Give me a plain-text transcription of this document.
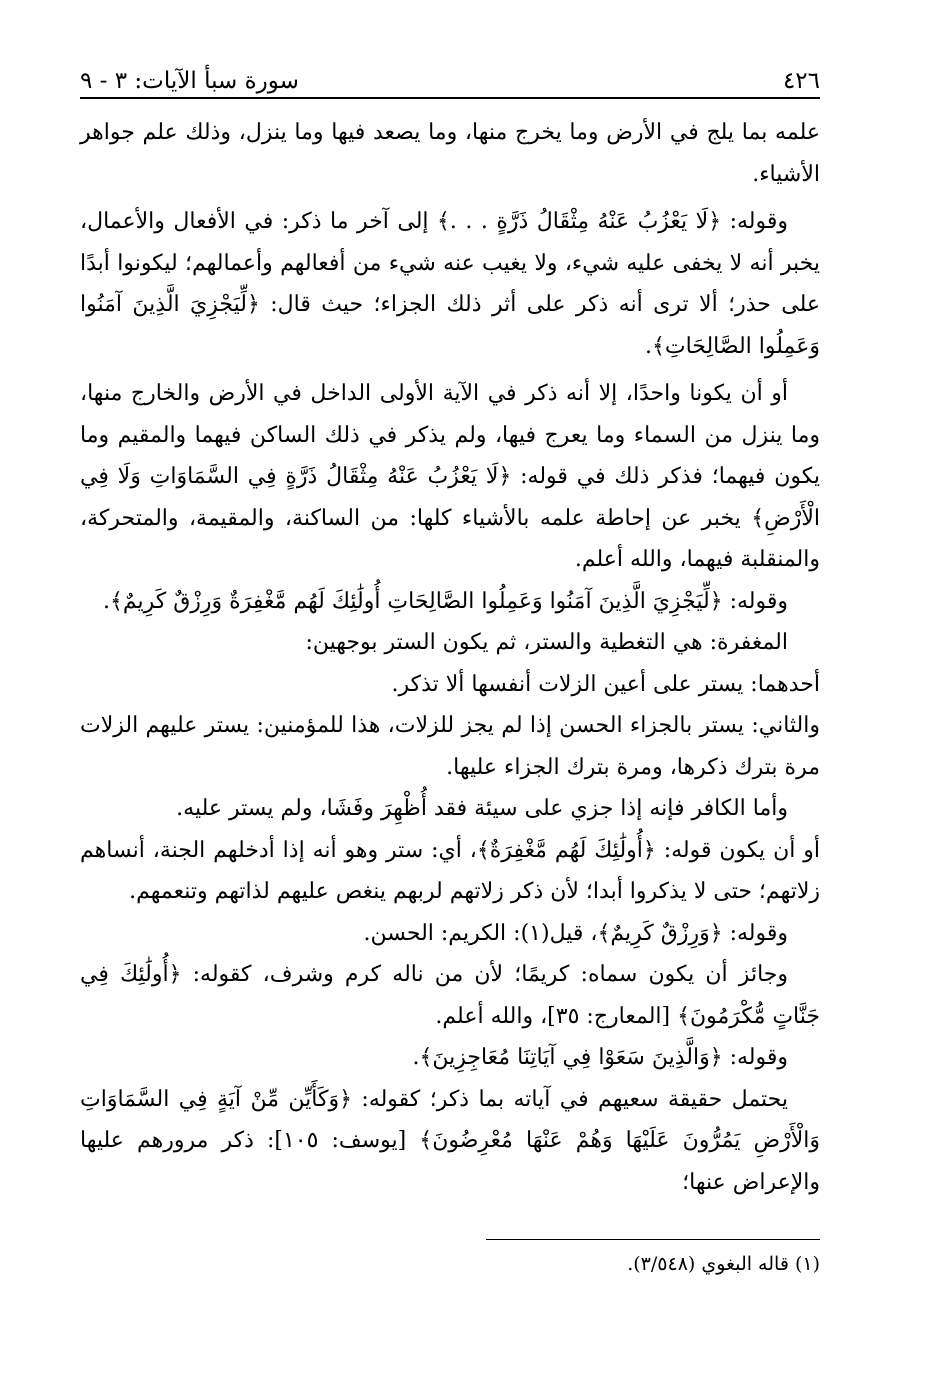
٤٢٦
سورة سبأ الآيات: ٣ - ٩

علمه بما يلج في الأرض وما يخرج منها، وما يصعد فيها وما ينزل، وذلك علم جواهر الأشياء.

وقوله: ﴿لَا يَعْزُبُ عَنْهُ مِثْقَالُ ذَرَّةٍ . . .﴾ إلى آخر ما ذكر: في الأفعال والأعمال، يخبر أنه لا يخفى عليه شيء، ولا يغيب عنه شيء من أفعالهم وأعمالهم؛ ليكونوا أبدًا على حذر؛ ألا ترى أنه ذكر على أثر ذلك الجزاء؛ حيث قال: ﴿لِّيَجْزِيَ الَّذِينَ آمَنُوا وَعَمِلُوا الصَّالِحَاتِ﴾.

أو أن يكونا واحدًا، إلا أنه ذكر في الآية الأولى الداخل في الأرض والخارج منها، وما ينزل من السماء وما يعرج فيها، ولم يذكر في ذلك الساكن فيهما والمقيم وما يكون فيهما؛ فذكر ذلك في قوله: ﴿لَا يَعْزُبُ عَنْهُ مِثْقَالُ ذَرَّةٍ فِي السَّمَاوَاتِ وَلَا فِي الْأَرْضِ﴾ يخبر عن إحاطة علمه بالأشياء كلها: من الساكنة، والمقيمة، والمتحركة، والمنقلبة فيهما، والله أعلم.

وقوله: ﴿لِّيَجْزِيَ الَّذِينَ آمَنُوا وَعَمِلُوا الصَّالِحَاتِ أُولَٰئِكَ لَهُم مَّغْفِرَةٌ وَرِزْقٌ كَرِيمٌ﴾.

المغفرة: هي التغطية والستر، ثم يكون الستر بوجهين:

أحدهما: يستر على أعين الزلات أنفسها ألا تذكر.

والثاني: يستر بالجزاء الحسن إذا لم يجز للزلات، هذا للمؤمنين: يستر عليهم الزلات مرة بترك ذكرها، ومرة بترك الجزاء عليها.

وأما الكافر فإنه إذا جزي على سيئة فقد أُظْهِرَ وفَشَا، ولم يستر عليه.

أو أن يكون قوله: ﴿أُولَٰئِكَ لَهُم مَّغْفِرَةٌ﴾، أي: ستر وهو أنه إذا أدخلهم الجنة، أنساهم زلاتهم؛ حتى لا يذكروا أبدا؛ لأن ذكر زلاتهم لربهم ينغص عليهم لذاتهم وتنعمهم.

وقوله: ﴿وَرِزْقٌ كَرِيمٌ﴾، قيل(١): الكريم: الحسن.

وجائز أن يكون سماه: كريمًا؛ لأن من ناله كرم وشرف، كقوله: ﴿أُولَٰئِكَ فِي جَنَّاتٍ مُّكْرَمُونَ﴾ [المعارج: ٣٥]، والله أعلم.

وقوله: ﴿وَالَّذِينَ سَعَوْا فِي آيَاتِنَا مُعَاجِزِينَ﴾.

يحتمل حقيقة سعيهم في آياته بما ذكر؛ كقوله: ﴿وَكَأَيِّن مِّنْ آيَةٍ فِي السَّمَاوَاتِ وَالْأَرْضِ يَمُرُّونَ عَلَيْهَا وَهُمْ عَنْهَا مُعْرِضُونَ﴾ [يوسف: ١٠٥]: ذكر مرورهم عليها والإعراض عنها؛

(١) قاله البغوي (٣/٥٤٨).
